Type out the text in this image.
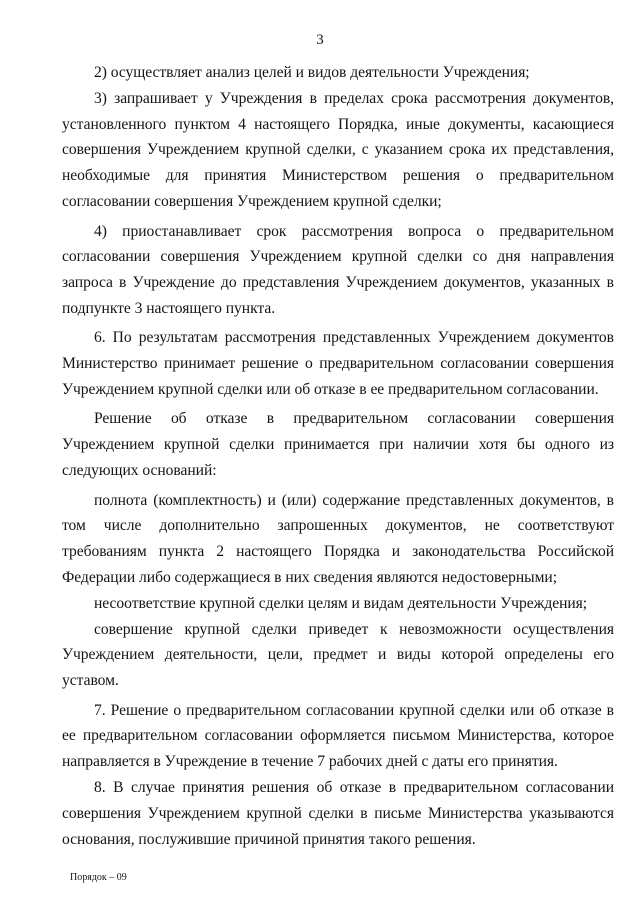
3

2) осуществляет анализ целей и видов деятельности Учреждения;

3) запрашивает у Учреждения в пределах срока рассмотрения документов, установленного пунктом 4 настоящего Порядка, иные документы, касающиеся совершения Учреждением крупной сделки, с указанием срока их представления, необходимые для принятия Министерством решения о предварительном согласовании совершения Учреждением крупной сделки;

4) приостанавливает срок рассмотрения вопроса о предварительном согласовании совершения Учреждением крупной сделки со дня направления запроса в Учреждение до представления Учреждением документов, указанных в подпункте 3 настоящего пункта.

6. По результатам рассмотрения представленных Учреждением документов Министерство принимает решение о предварительном согласовании совершения Учреждением крупной сделки или об отказе в ее предварительном согласовании.

Решение об отказе в предварительном согласовании совершения Учреждением крупной сделки принимается при наличии хотя бы одного из следующих оснований:

полнота (комплектность) и (или) содержание представленных документов, в том числе дополнительно запрошенных документов, не соответствуют требованиям пункта 2 настоящего Порядка и законодательства Российской Федерации либо содержащиеся в них сведения являются недостоверными;

несоответствие крупной сделки целям и видам деятельности Учреждения;

совершение крупной сделки приведет к невозможности осуществления Учреждением деятельности, цели, предмет и виды которой определены его уставом.

7. Решение о предварительном согласовании крупной сделки или об отказе в ее предварительном согласовании оформляется письмом Министерства, которое направляется в Учреждение в течение 7 рабочих дней с даты его принятия.

8. В случае принятия решения об отказе в предварительном согласовании совершения Учреждением крупной сделки в письме Министерства указываются основания, послужившие причиной принятия такого решения.

Порядок – 09
